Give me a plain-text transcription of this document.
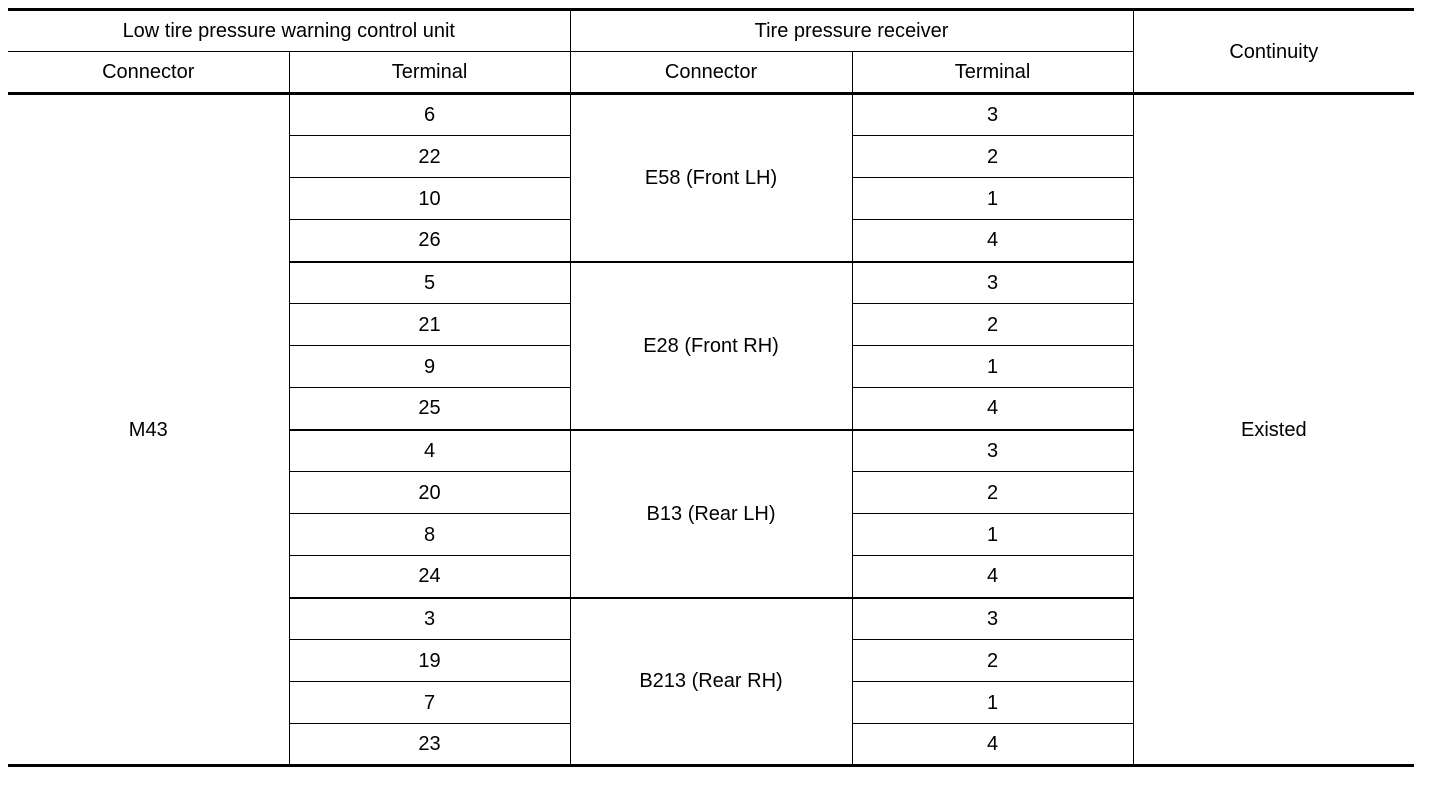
Low tire pressure warning control unit		Tire pressure receiver		Continuity
Connector	Terminal	Connector	Terminal	
M43	6	E58 (Front LH)	3	Existed
	22		2	
	10		1	
	26		4	
	5	E28 (Front RH)	3	
	21		2	
	9		1	
	25		4	
	4	B13 (Rear LH)	3	
	20		2	
	8		1	
	24		4	
	3	B213 (Rear RH)	3	
	19		2	
	7		1	
	23		4	
